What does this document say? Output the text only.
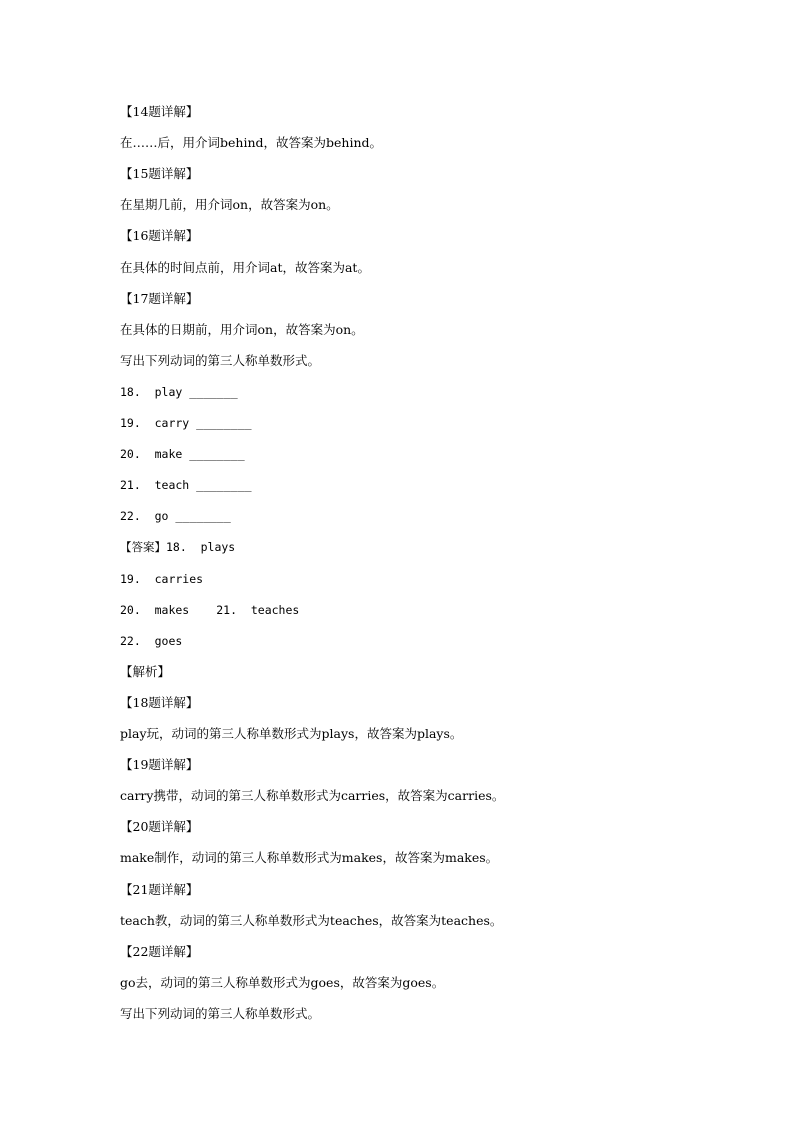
【14题详解】
在……后，用介词behind，故答案为behind。
【15题详解】
在星期几前，用介词on，故答案为on。
【16题详解】
在具体的时间点前，用介词at，故答案为at。
【17题详解】
在具体的日期前，用介词on，故答案为on。
写出下列动词的第三人称单数形式。
18.  play _______
19.  carry ________
20.  make ________
21.  teach ________
22.  go ________
【答案】18.  plays
19.  carries
20.  makes 21.  teaches
22.  goes
【解析】
【18题详解】
play玩，动词的第三人称单数形式为plays，故答案为plays。
【19题详解】
carry携带，动词的第三人称单数形式为carries，故答案为carries。
【20题详解】
make制作，动词的第三人称单数形式为makes，故答案为makes。
【21题详解】
teach教，动词的第三人称单数形式为teaches，故答案为teaches。
【22题详解】
go去，动词的第三人称单数形式为goes，故答案为goes。
写出下列动词的第三人称单数形式。
